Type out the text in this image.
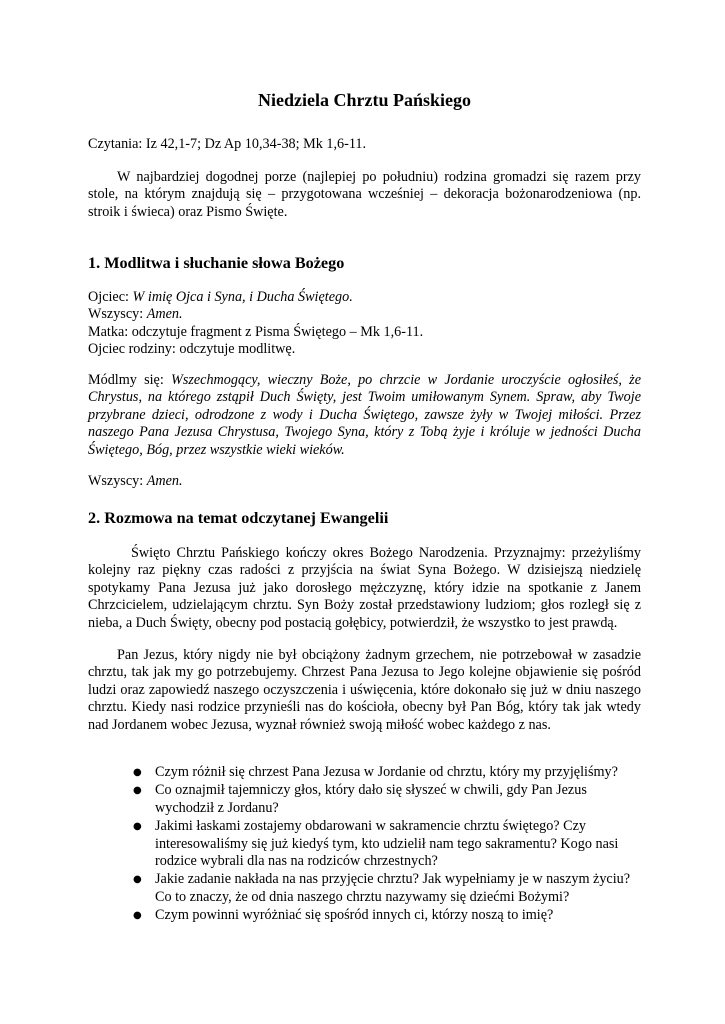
Niedziela Chrztu Pańskiego

Czytania: Iz 42,1-7; Dz Ap 10,34-38; Mk 1,6-11.

W najbardziej dogodnej porze (najlepiej po południu) rodzina gromadzi się razem przy stole, na którym znajdują się – przygotowana wcześniej – dekoracja bożonarodzeniowa (np. stroik i świeca) oraz Pismo Święte.

1. Modlitwa i słuchanie słowa Bożego

Ojciec: W imię Ojca i Syna, i Ducha Świętego.

Wszyscy: Amen.

Matka: odczytuje fragment z Pisma Świętego – Mk 1,6-11.

Ojciec rodziny: odczytuje modlitwę.

Módlmy się: Wszechmogący, wieczny Boże, po chrzcie w Jordanie uroczyście ogłosiłeś, że Chrystus, na którego zstąpił Duch Święty, jest Twoim umiłowanym Synem. Spraw, aby Twoje przybrane dzieci, odrodzone z wody i Ducha Świętego, zawsze żyły w Twojej miłości. Przez naszego Pana Jezusa Chrystusa, Twojego Syna, który z Tobą żyje i króluje w jedności Ducha Świętego, Bóg, przez wszystkie wieki wieków.

Wszyscy: Amen.

2. Rozmowa na temat odczytanej Ewangelii

Święto Chrztu Pańskiego kończy okres Bożego Narodzenia. Przyznajmy: przeżyliśmy kolejny raz piękny czas radości z przyjścia na świat Syna Bożego. W dzisiejszą niedzielę spotykamy Pana Jezusa już jako dorosłego mężczyznę, który idzie na spotkanie z Janem Chrzcicielem, udzielającym chrztu. Syn Boży został przedstawiony ludziom; głos rozległ się z nieba, a Duch Święty, obecny pod postacią gołębicy, potwierdził, że wszystko to jest prawdą.

Pan Jezus, który nigdy nie był obciążony żadnym grzechem, nie potrzebował w zasadzie chrztu, tak jak my go potrzebujemy. Chrzest Pana Jezusa to Jego kolejne objawienie się pośród ludzi oraz zapowiedź naszego oczyszczenia i uświęcenia, które dokonało się już w dniu naszego chrztu. Kiedy nasi rodzice przynieśli nas do kościoła, obecny był Pan Bóg, który tak jak wtedy nad Jordanem wobec Jezusa, wyznał również swoją miłość wobec każdego z nas.

● Czym różnił się chrzest Pana Jezusa w Jordanie od chrztu, który my przyjęliśmy?
● Co oznajmił tajemniczy głos, który dało się słyszeć w chwili, gdy Pan Jezus wychodził z Jordanu?
● Jakimi łaskami zostajemy obdarowani w sakramencie chrztu świętego? Czy interesowaliśmy się już kiedyś tym, kto udzielił nam tego sakramentu? Kogo nasi rodzice wybrali dla nas na rodziców chrzestnych?
● Jakie zadanie nakłada na nas przyjęcie chrztu? Jak wypełniamy je w naszym życiu? Co to znaczy, że od dnia naszego chrztu nazywamy się dziećmi Bożymi?
● Czym powinni wyróżniać się spośród innych ci, którzy noszą to imię?
